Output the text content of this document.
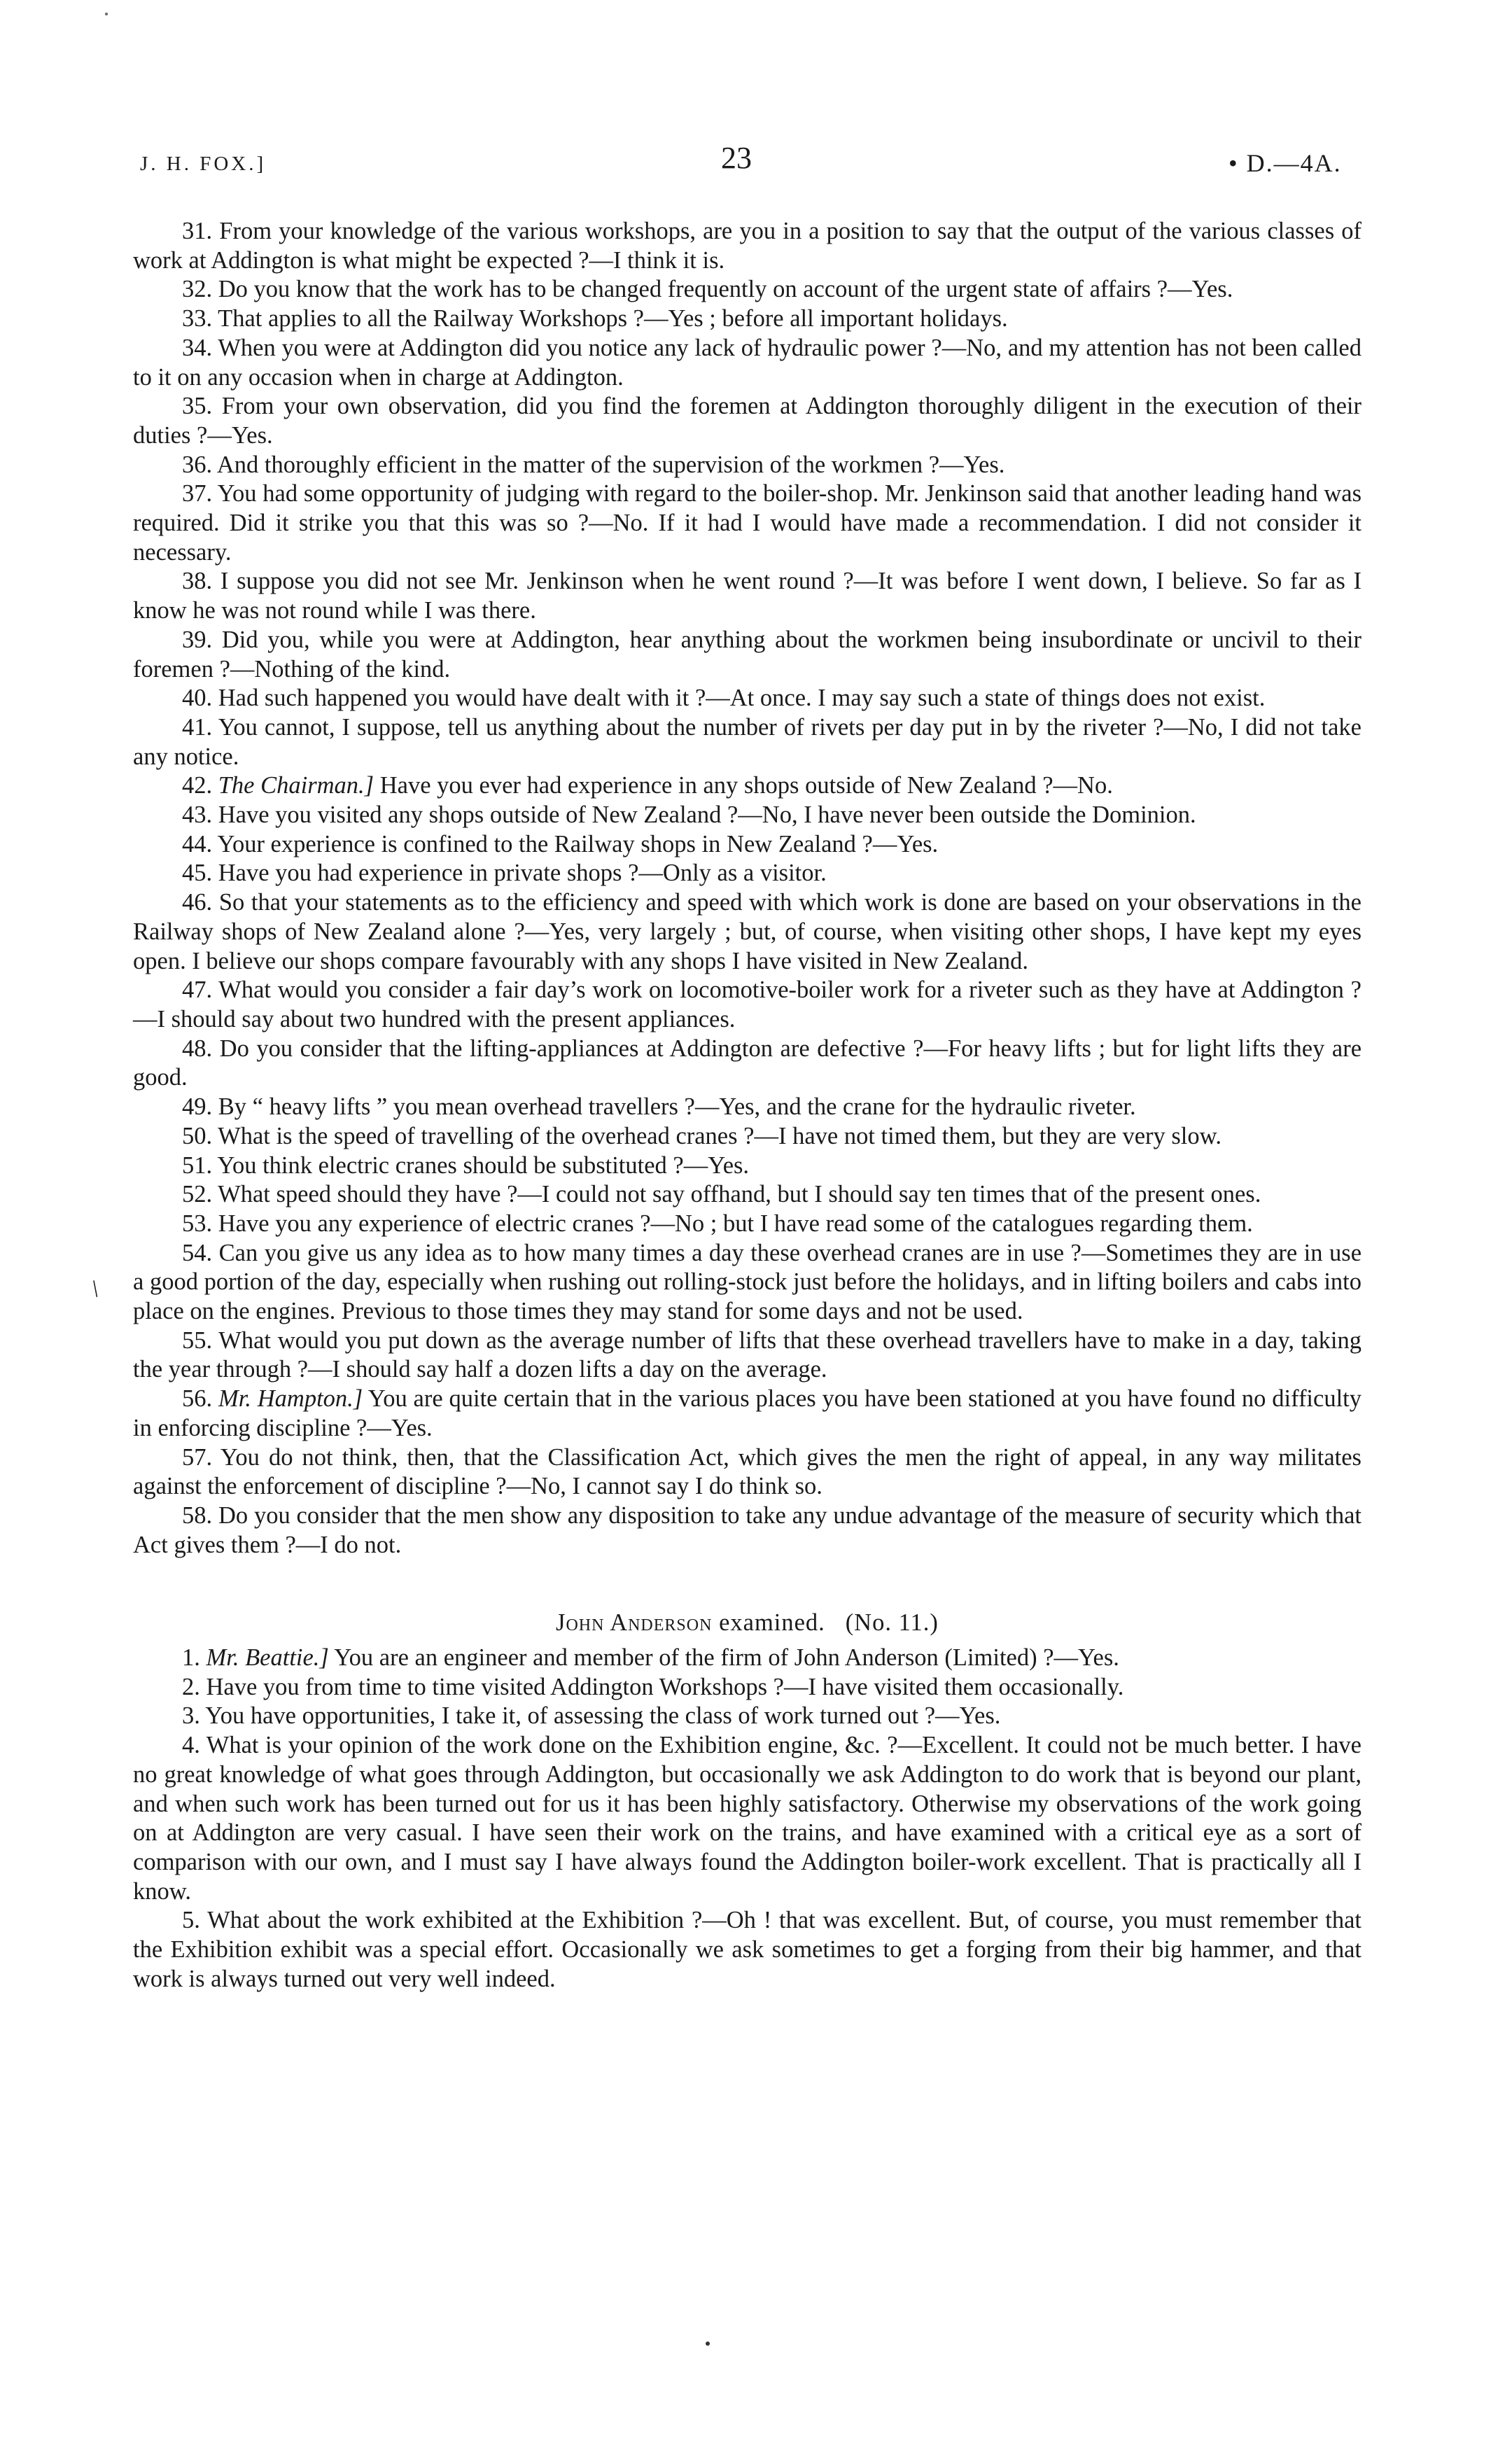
J. H. FOX.]	23	• D.—4A.
/

31. From your knowledge of the various workshops, are you in a position to say that the output of the various classes of work at Addington is what might be expected ?—I think it is.

32. Do you know that the work has to be changed frequently on account of the urgent state of affairs ?—Yes.

33. That applies to all the Railway Workshops ?—Yes ; before all important holidays.

34. When you were at Addington did you notice any lack of hydraulic power ?—No, and my attention has not been called to it on any occasion when in charge at Addington.

35. From your own observation, did you find the foremen at Addington thoroughly diligent in the execution of their duties ?—Yes.

36. And thoroughly efficient in the matter of the supervision of the workmen ?—Yes.

37. You had some opportunity of judging with regard to the boiler-shop. Mr. Jenkinson said that another leading hand was required. Did it strike you that this was so ?—No. If it had I would have made a recommendation. I did not consider it necessary.

38. I suppose you did not see Mr. Jenkinson when he went round ?—It was before I went down, I believe. So far as I know he was not round while I was there.

39. Did you, while you were at Addington, hear anything about the workmen being insubordinate or uncivil to their foremen ?—Nothing of the kind.

40. Had such happened you would have dealt with it ?—At once. I may say such a state of things does not exist.

41. You cannot, I suppose, tell us anything about the number of rivets per day put in by the riveter ?—No, I did not take any notice.

42. The Chairman.] Have you ever had experience in any shops outside of New Zealand ?—No.

43. Have you visited any shops outside of New Zealand ?—No, I have never been outside the Dominion.

44. Your experience is confined to the Railway shops in New Zealand ?—Yes.

45. Have you had experience in private shops ?—Only as a visitor.

46. So that your statements as to the efficiency and speed with which work is done are based on your observations in the Railway shops of New Zealand alone ?—Yes, very largely ; but, of course, when visiting other shops, I have kept my eyes open. I believe our shops compare favourably with any shops I have visited in New Zealand.

47. What would you consider a fair day’s work on locomotive-boiler work for a riveter such as they have at Addington ?—I should say about two hundred with the present appliances.

48. Do you consider that the lifting-appliances at Addington are defective ?—For heavy lifts ; but for light lifts they are good.

49. By “ heavy lifts ” you mean overhead travellers ?—Yes, and the crane for the hydraulic riveter.

50. What is the speed of travelling of the overhead cranes ?—I have not timed them, but they are very slow.

51. You think electric cranes should be substituted ?—Yes.

52. What speed should they have ?—I could not say offhand, but I should say ten times that of the present ones.

53. Have you any experience of electric cranes ?—No ; but I have read some of the catalogues regarding them.

54. Can you give us any idea as to how many times a day these overhead cranes are in use ?—Sometimes they are in use a good portion of the day, especially when rushing out rolling-stock just before the holidays, and in lifting boilers and cabs into place on the engines. Previous to those times they may stand for some days and not be used.

55. What would you put down as the average number of lifts that these overhead travellers have to make in a day, taking the year through ?—I should say half a dozen lifts a day on the average.

56. Mr. Hampton.] You are quite certain that in the various places you have been stationed at you have found no difficulty in enforcing discipline ?—Yes.

57. You do not think, then, that the Classification Act, which gives the men the right of appeal, in any way militates against the enforcement of discipline ?—No, I cannot say I do think so.

58. Do you consider that the men show any disposition to take any undue advantage of the measure of security which that Act gives them ?—I do not.

John Anderson examined. (No. 11.)

1. Mr. Beattie.] You are an engineer and member of the firm of John Anderson (Limited) ?—Yes.

2. Have you from time to time visited Addington Workshops ?—I have visited them occasionally.

3. You have opportunities, I take it, of assessing the class of work turned out ?—Yes.

4. What is your opinion of the work done on the Exhibition engine, &c. ?—Excellent. It could not be much better. I have no great knowledge of what goes through Addington, but occasionally we ask Addington to do work that is beyond our plant, and when such work has been turned out for us it has been highly satisfactory. Otherwise my observations of the work going on at Addington are very casual. I have seen their work on the trains, and have examined with a critical eye as a sort of comparison with our own, and I must say I have always found the Addington boiler-work excellent. That is practically all I know.

5. What about the work exhibited at the Exhibition ?—Oh ! that was excellent. But, of course, you must remember that the Exhibition exhibit was a special effort. Occasionally we ask sometimes to get a forging from their big hammer, and that work is always turned out very well indeed.
